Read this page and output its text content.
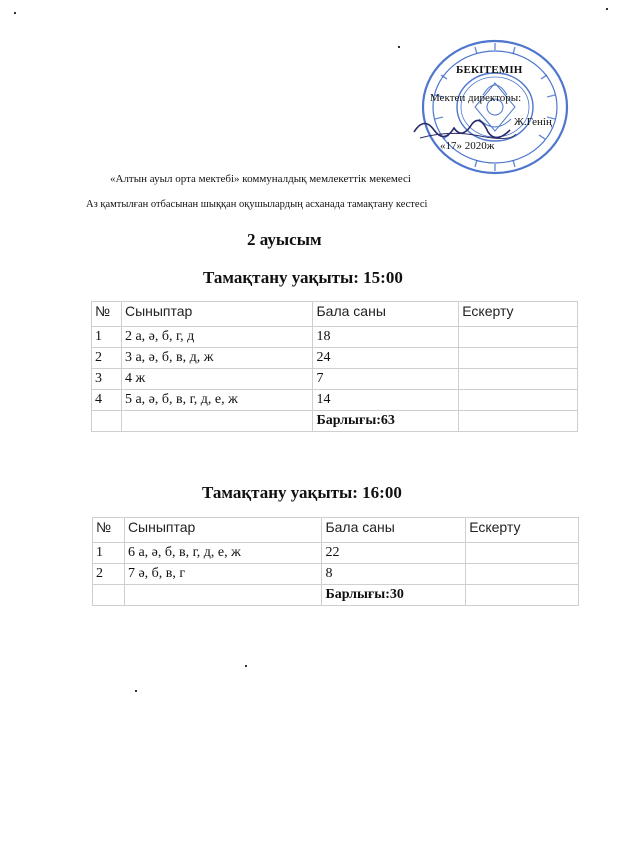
БЕКІТЕМІН
Мектеп директоры:
Ж.Генің
«17» 2020ж
«Алтын ауыл орта мектебі» коммуналдық мемлекеттік мекемесі
Аз қамтылған отбасынан шыққан оқушылардың асханада тамақтану кестесі
2 ауысым
Тамақтану уақыты: 15:00
№	Сыныптар	Бала саны	Ескерту
1	2 а, ә, б, г, д	18	
2	3 а, ә, б, в, д, ж	24	
3	4 ж	7	
4	5 а, ә, б, в, г, д, е, ж	14	
		Барлығы:63	
Тамақтану уақыты: 16:00
№	Сыныптар	Бала саны	Ескерту
1	6 а, ә, б, в, г, д, е, ж	22	
2	7 ә, б, в, г	8	
		Барлығы:30	
